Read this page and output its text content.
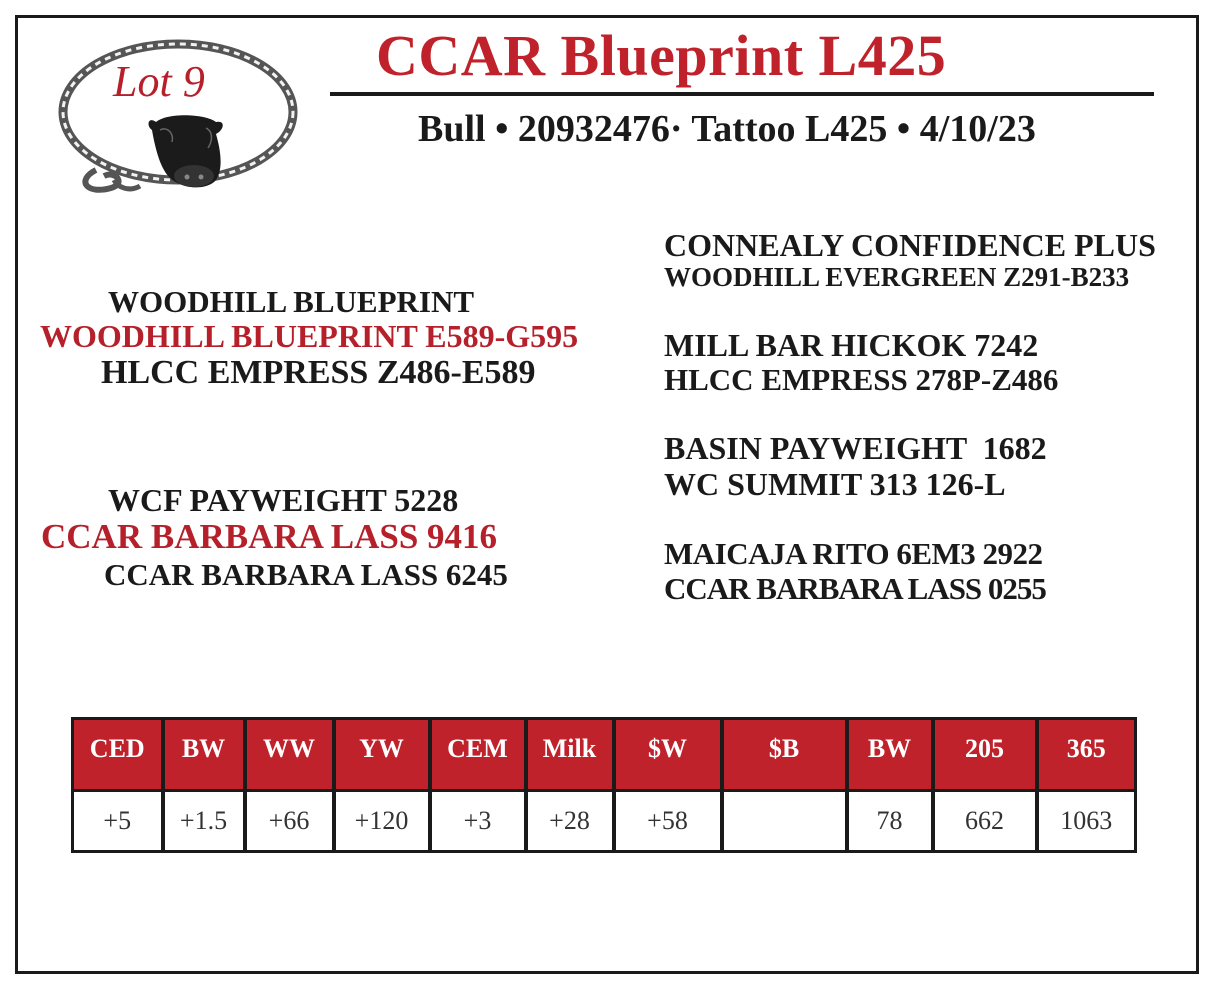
Lot 9	CCAR Blueprint L425
Bull • 20932476· Tattoo L425 • 4/10/23
WOODHILL BLUEPRINT
WOODHILL BLUEPRINT E589-G595
HLCC EMPRESS Z486-E589
WCF PAYWEIGHT 5228
CCAR BARBARA LASS 9416
CCAR BARBARA LASS 6245
CONNEALY CONFIDENCE PLUS
WOODHILL EVERGREEN Z291-B233
MILL BAR HICKOK 7242
HLCC EMPRESS 278P-Z486
BASIN PAYWEIGHT  1682
WC SUMMIT 313 126-L
MAICAJA RITO 6EM3 2922
CCAR BARBARA LASS 0255
CED	BW	WW	YW	CEM	Milk	$W	$B	BW	205	365
+5	+1.5	+66	+120	+3	+28	+58		78	662	1063
